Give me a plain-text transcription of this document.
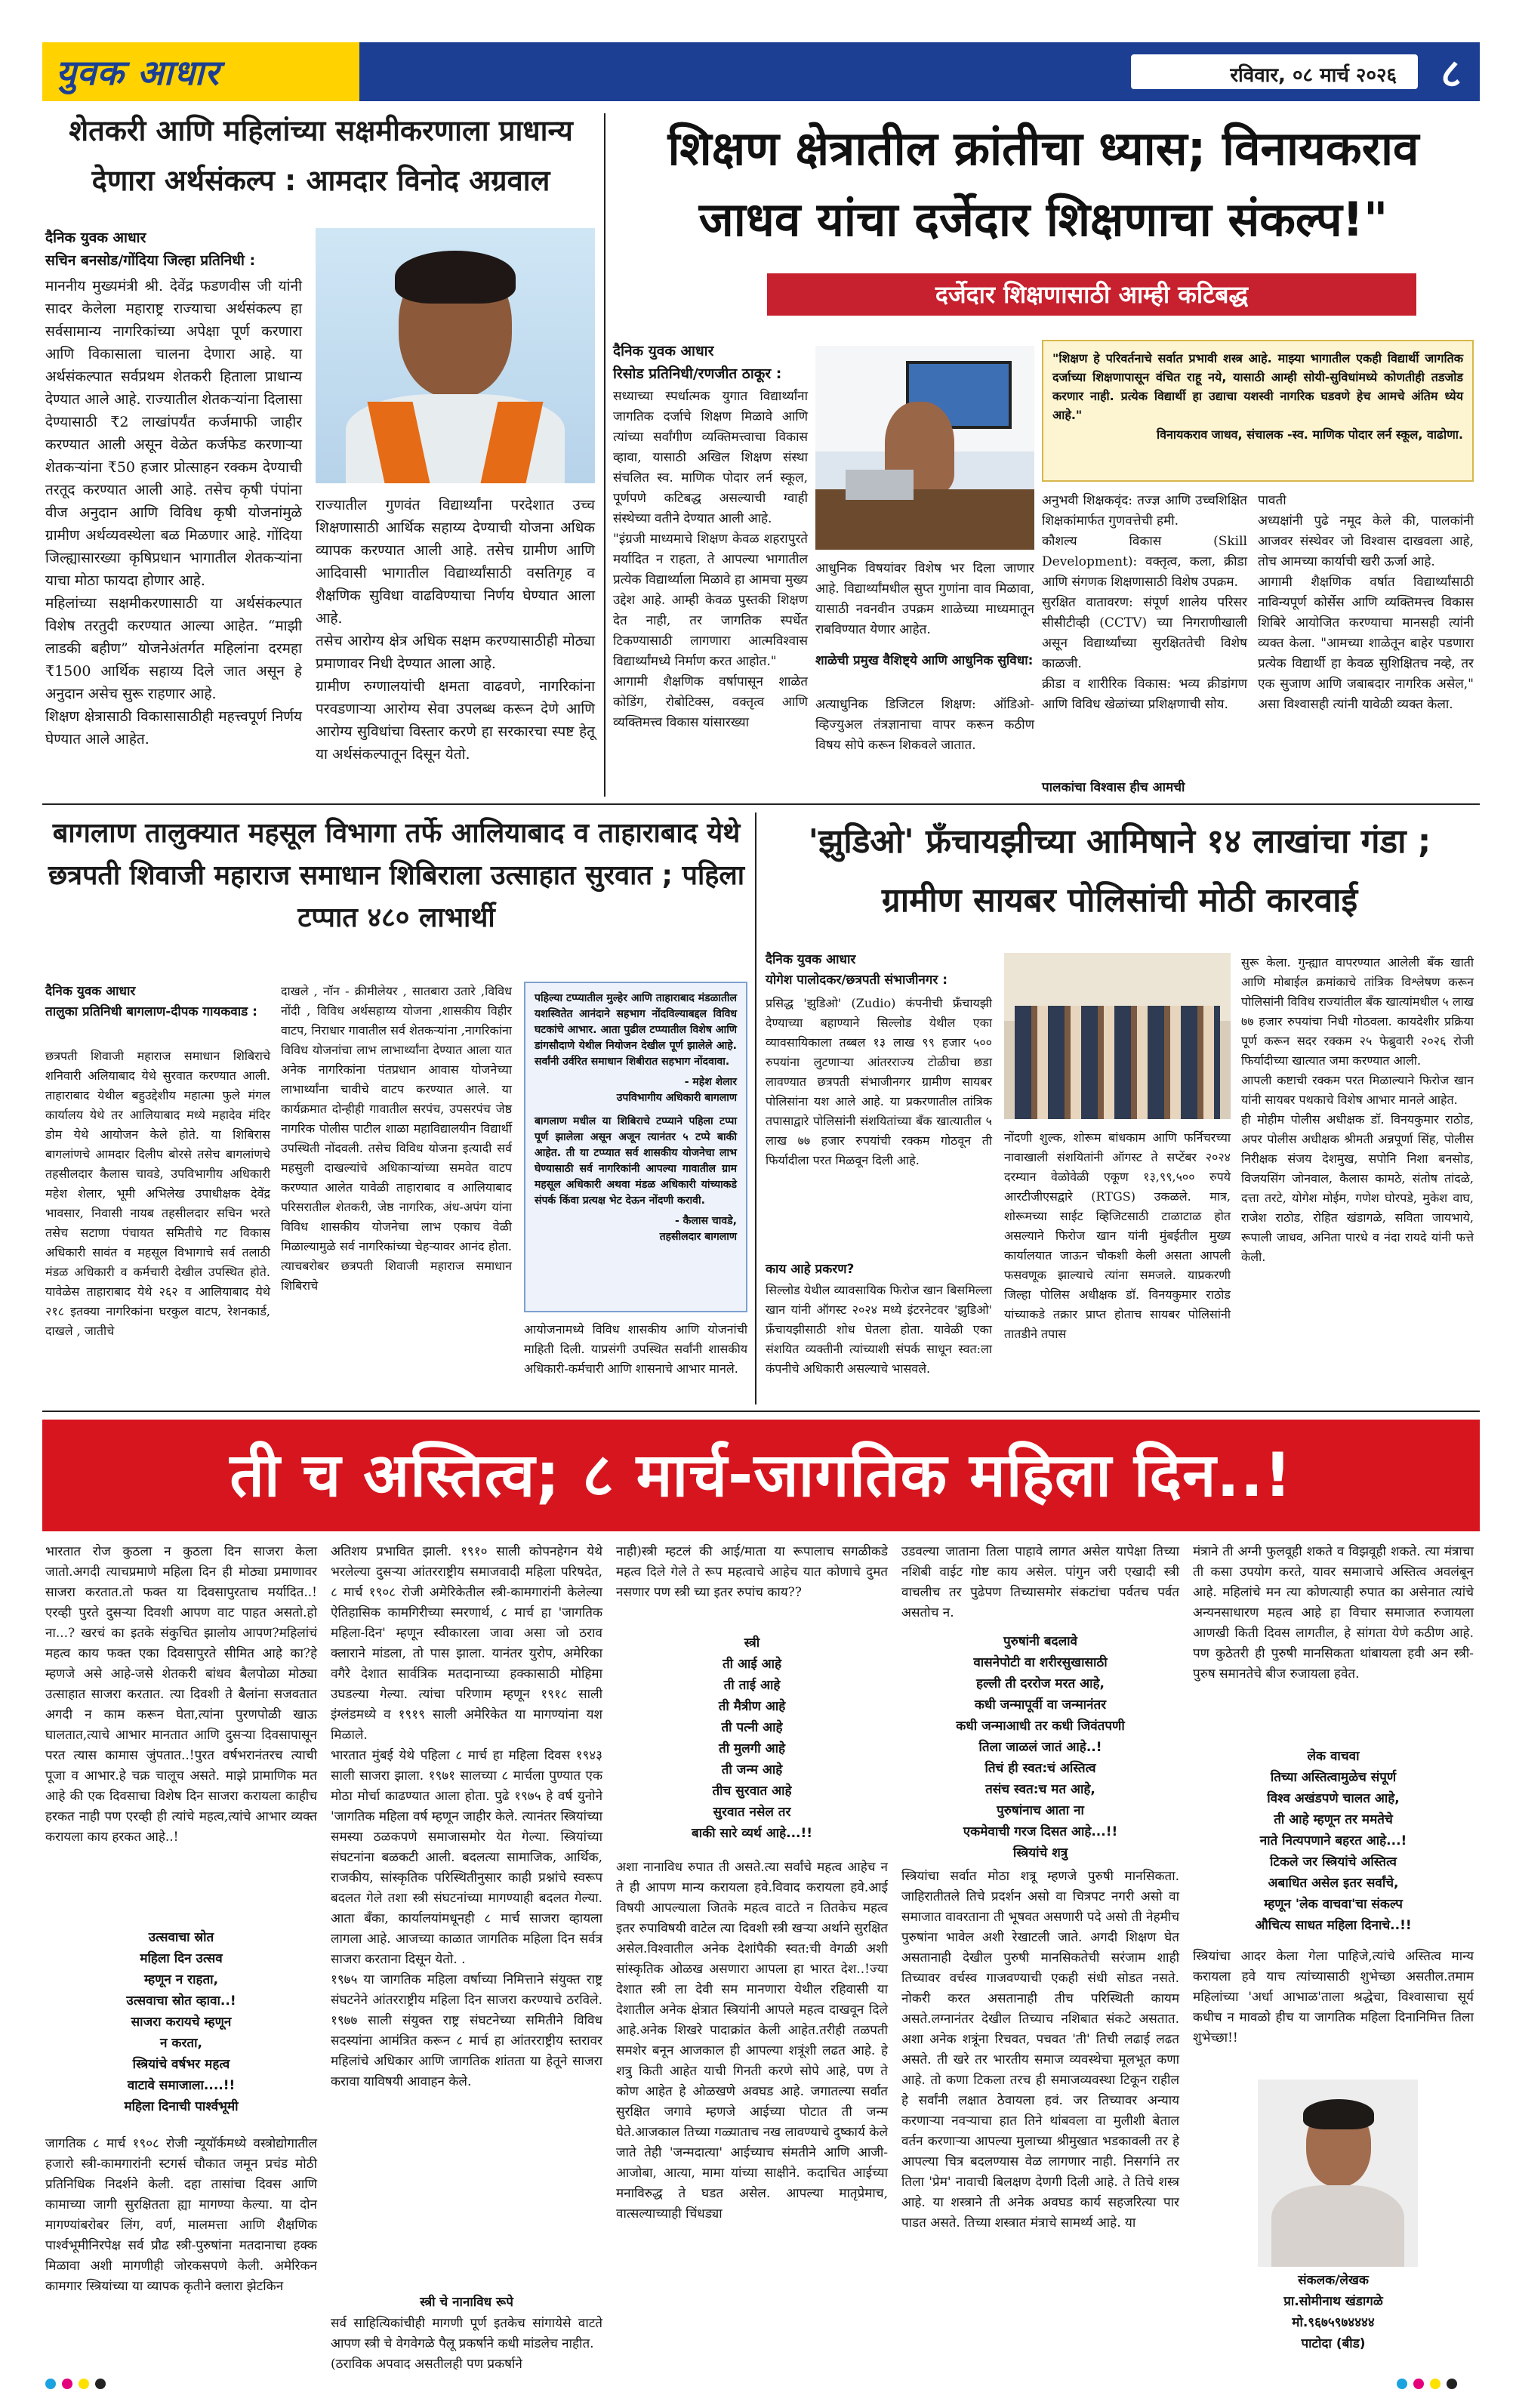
युवक आधार	रविवार, ०८ मार्च २०२६	८
शेतकरी आणि महिलांच्या सक्षमीकरणाला प्राधान्य देणारा अर्थसंकल्प : आमदार विनोद अग्रवाल
दैनिक युवक आधार
सचिन बनसोड/गोंदिया जिल्हा प्रतिनिधी :
माननीय मुख्यमंत्री श्री. देवेंद्र फडणवीस जी यांनी सादर केलेला महाराष्ट्र राज्याचा अर्थसंकल्प हा सर्वसामान्य नागरिकांच्या अपेक्षा पूर्ण करणारा आणि विकासाला चालना देणारा आहे. या अर्थसंकल्पात सर्वप्रथम शेतकरी हिताला प्राधान्य देण्यात आले आहे. राज्यातील शेतकऱ्यांना दिलासा देण्यासाठी ₹2 लाखांपर्यंत कर्जमाफी जाहीर करण्यात आली असून वेळेत कर्जफेड करणाऱ्या शेतकऱ्यांना ₹50 हजार प्रोत्साहन रक्कम देण्याची तरतूद करण्यात आली आहे. तसेच कृषी पंपांना वीज अनुदान आणि विविध कृषी योजनांमुळे ग्रामीण अर्थव्यवस्थेला बळ मिळणार आहे. गोंदिया जिल्ह्यासारख्या कृषिप्रधान भागातील शेतकऱ्यांना याचा मोठा फायदा होणार आहे.
महिलांच्या सक्षमीकरणासाठी या अर्थसंकल्पात विशेष तरतुदी करण्यात आल्या आहेत. “माझी लाडकी बहीण” योजनेअंतर्गत महिलांना दरमहा ₹1500 आर्थिक सहाय्य दिले जात असून हे अनुदान असेच सुरू राहणार आहे.
शिक्षण क्षेत्रासाठी विकासासाठीही महत्त्वपूर्ण निर्णय घेण्यात आले आहेत.
राज्यातील गुणवंत विद्यार्थ्यांना परदेशात उच्च शिक्षणासाठी आर्थिक सहाय्य देण्याची योजना अधिक व्यापक करण्यात आली आहे. तसेच ग्रामीण आणि आदिवासी भागातील विद्यार्थ्यांसाठी वसतिगृह व शैक्षणिक सुविधा वाढविण्याचा निर्णय घेण्यात आला आहे.
तसेच आरोग्य क्षेत्र अधिक सक्षम करण्यासाठीही मोठ्या प्रमाणावर निधी देण्यात आला आहे.
ग्रामीण रुग्णालयांची क्षमता वाढवणे, नागरिकांना परवडणाऱ्या आरोग्य सेवा उपलब्ध करून देणे आणि आरोग्य सुविधांचा विस्तार करणे हा सरकारचा स्पष्ट हेतू या अर्थसंकल्पातून दिसून येतो.
शिक्षण क्षेत्रातील क्रांतीचा ध्यास; विनायकराव जाधव यांचा दर्जेदार शिक्षणाचा संकल्प!"
दर्जेदार शिक्षणासाठी आम्ही कटिबद्ध
दैनिक युवक आधार
रिसोड प्रतिनिधी/रणजीत ठाकूर :
सध्याच्या स्पर्धात्मक युगात विद्यार्थ्यांना जागतिक दर्जाचे शिक्षण मिळावे आणि त्यांच्या सर्वांगीण व्यक्तिमत्त्वाचा विकास व्हावा, यासाठी अखिल शिक्षण संस्था संचलित स्व. माणिक पोदार लर्न स्कूल, पूर्णपणे कटिबद्ध असल्याची ग्वाही संस्थेच्या वतीने देण्यात आली आहे.
"इंग्रजी माध्यमाचे शिक्षण केवळ शहरापुरते मर्यादित न राहता, ते आपल्या भागातील प्रत्येक विद्यार्थ्याला मिळावे हा आमचा मुख्य उद्देश आहे. आम्ही केवळ पुस्तकी शिक्षण देत नाही, तर जागतिक स्पर्धेत टिकण्यासाठी लागणारा आत्मविश्वास विद्यार्थ्यांमध्ये निर्माण करत आहोत."
आगामी शैक्षणिक वर्षापासून शाळेत कोडिंग, रोबोटिक्स, वक्तृत्व आणि व्यक्तिमत्त्व विकास यांसारख्या
आधुनिक विषयांवर विशेष भर दिला जाणार आहे. विद्यार्थ्यांमधील सुप्त गुणांना वाव मिळावा, यासाठी नवनवीन उपक्रम शाळेच्या माध्यमातून राबविण्यात येणार आहेत.
शाळेची प्रमुख वैशिष्ट्ये आणि आधुनिक सुविधा:
अत्याधुनिक डिजिटल शिक्षण: ऑडिओ-व्हिज्युअल तंत्रज्ञानाचा वापर करून कठीण विषय सोपे करून शिकवले जातात.
"शिक्षण हे परिवर्तनाचे सर्वात प्रभावी शस्त्र आहे. माझ्या भागातील एकही विद्यार्थी जागतिक दर्जाच्या शिक्षणापासून वंचित राहू नये, यासाठी आम्ही सोयी-सुविधांमध्ये कोणतीही तडजोड करणार नाही. प्रत्येक विद्यार्थी हा उद्याचा यशस्वी नागरिक घडवणे हेच आमचे अंतिम ध्येय आहे."
विनायकराव जाधव, संचालक -स्व. माणिक पोदार लर्न स्कूल, वाढोणा.
अनुभवी शिक्षकवृंद: तज्ज्ञ आणि उच्चशिक्षित शिक्षकांमार्फत गुणवत्तेची हमी.
कौशल्य विकास (Skill Development): वक्तृत्व, कला, क्रीडा आणि संगणक शिक्षणासाठी विशेष उपक्रम.
सुरक्षित वातावरण: संपूर्ण शालेय परिसर सीसीटीव्ही (CCTV) च्या निगराणीखाली असून विद्यार्थ्यांच्या सुरक्षिततेची विशेष काळजी.
क्रीडा व शारीरिक विकास: भव्य क्रीडांगण आणि विविध खेळांच्या प्रशिक्षणाची सोय.
पालकांचा विश्वास हीच आमची
पावती
अध्यक्षांनी पुढे नमूद केले की, पालकांनी आजवर संस्थेवर जो विश्वास दाखवला आहे, तोच आमच्या कार्याची खरी ऊर्जा आहे.
आगामी शैक्षणिक वर्षात विद्यार्थ्यांसाठी नाविन्यपूर्ण कोर्सेस आणि व्यक्तिमत्त्व विकास शिबिरे आयोजित करण्याचा मानसही त्यांनी व्यक्त केला. "आमच्या शाळेतून बाहेर पडणारा प्रत्येक विद्यार्थी हा केवळ सुशिक्षितच नव्हे, तर एक सुजाण आणि जबाबदार नागरिक असेल," असा विश्वासही त्यांनी यावेळी व्यक्त केला.
बागलाण तालुक्यात महसूल विभागा तर्फे आलियाबाद व ताहाराबाद येथे छत्रपती शिवाजी महाराज समाधान शिबिराला उत्साहात सुरवात ; पहिला टप्पात ४८० लाभार्थी
दैनिक युवक आधार
तालुका प्रतिनिधी बागलाण-दीपक गायकवाड :
छत्रपती शिवाजी महाराज समाधान शिबिराचे शनिवारी अलियाबाद येथे सुरवात करण्यात आली. ताहाराबाद येथील बहुउद्देशीय महात्मा फुले मंगल कार्यालय येथे तर आलियाबाद मध्ये महादेव मंदिर डोम येथे आयोजन केले होते. या शिबिरास बागलांणचे आमदार दिलीप बोरसे तसेच बागलांणचे तहसीलदार कैलास चावडे, उपविभागीय अधिकारी महेश शेलार, भूमी अभिलेख उपाधीक्षक देवेंद्र भावसार, निवासी नायब तहसीलदार सचिन भरते तसेच सटाणा पंचायत समितीचे गट विकास अधिकारी सावंत व महसूल विभागाचे सर्व तलाठी मंडळ अधिकारी व कर्मचारी देखील उपस्थित होते. यावेळेस ताहाराबाद येथे २६२ व आलियाबाद येथे २१८ इतक्या नागरिकांना घरकुल वाटप, रेशनकार्ड, दाखले , जातीचे
दाखले , नॉन - क्रीमीलेयर , सातबारा उतारे ,विविध नोंदी , विविध अर्थसहाय्य योजना ,शासकीय विहीर वाटप, निराधार गावातील सर्व शेतकऱ्यांना ,नागरिकांना विविध योजनांचा लाभ लाभार्थ्यांना देण्यात आला यात अनेक नागरिकांना पंतप्रधान आवास योजनेच्या लाभार्थ्यांना चावीचे वाटप करण्यात आले. या कार्यक्रमात दोन्हीही गावातील सरपंच, उपसरपंच जेष्ठ नागरिक पोलीस पाटील शाळा महाविद्यालयीन विद्यार्थी उपस्थिती नोंदवली. तसेच विविध योजना इत्यादी सर्व महसुली दाखल्यांचे अधिकाऱ्यांच्या समवेत वाटप करण्यात आलेत यावेळी ताहाराबाद व आलियाबाद परिसरातील शेतकरी, जेष्ठ नागरिक, अंध-अपंग यांना विविध शासकीय योजनेचा लाभ एकाच वेळी मिळाल्यामुळे सर्व नागरिकांच्या चेहऱ्यावर आनंद होता. त्याचबरोबर छत्रपती शिवाजी महाराज समाधान शिबिराचे
पहिल्या टप्प्यातील मुल्हेर आणि ताहाराबाद मंडळातील यशस्वितेत आनंदाने सहभाग नोंदविल्याबद्दल विविध घटकांचे आभार. आता पुढील टप्प्यातील विशेष आणि डांगसौदाणे येथील नियोजन देखील पूर्ण झालेले आहे. सर्वांनी उर्वरित समाधान शिबीरात सहभाग नोंदवावा.
- महेश शेलार
उपविभागीय अधिकारी बागलाण
बागलाण मधील या शिबिराचे टप्प्याने पहिला टप्पा पूर्ण झालेला असून अजून त्यानंतर ५ टप्पे बाकी आहेत. ती या टप्प्यात सर्व शासकीय योजनेचा लाभ घेण्यासाठी सर्व नागरिकांनी आपल्या गावातील ग्राम महसूल अधिकारी अथवा मंडळ अधिकारी यांच्याकडे संपर्क किंवा प्रत्यक्ष भेट देऊन नोंदणी करावी.
- कैलास चावडे,
तहसीलदार बागलाण
आयोजनामध्ये विविध शासकीय आणि योजनांची माहिती दिली. याप्रसंगी उपस्थित सर्वांनी शासकीय अधिकारी-कर्मचारी आणि शासनाचे आभार मानले.
'झुडिओ' फ्रँचायझीच्या आमिषाने १४ लाखांचा गंडा ; ग्रामीण सायबर पोलिसांची मोठी कारवाई
दैनिक युवक आधार
योगेश पालोदकर/छत्रपती संभाजीनगर :
प्रसिद्ध 'झुडिओ' (Zudio) कंपनीची फ्रँचायझी देण्याच्या बहाण्याने सिल्लोड येथील एका व्यावसायिकाला तब्बल १३ लाख ९९ हजार ५०० रुपयांना लुटणाऱ्या आंतरराज्य टोळीचा छडा लावण्यात छत्रपती संभाजीनगर ग्रामीण सायबर पोलिसांना यश आले आहे. या प्रकरणातील तांत्रिक तपासाद्वारे पोलिसांनी संशयितांच्या बँक खात्यातील ५ लाख ७७ हजार रुपयांची रक्कम गोठवून ती फिर्यादीला परत मिळवून दिली आहे.
काय आहे प्रकरण?
सिल्लोड येथील व्यावसायिक फिरोज खान बिसमिल्ला खान यांनी ऑगस्ट २०२४ मध्ये इंटरनेटवर 'झुडिओ' फ्रँचायझीसाठी शोध घेतला होता. यावेळी एका संशयित व्यक्तीनी त्यांच्याशी संपर्क साधून स्वत:ला कंपनीचे अधिकारी असल्याचे भासवले.
नोंदणी शुल्क, शोरूम बांधकाम आणि फर्निचरच्या नावाखाली संशयितांनी ऑगस्ट ते सप्टेंबर २०२४ दरम्यान वेळोवेळी एकूण १३,९९,५०० रुपये आरटीजीएसद्वारे (RTGS) उकळले. मात्र, शोरूमच्या साईट व्हिजिटसाठी टाळाटाळ होत असल्याने फिरोज खान यांनी मुंबईतील मुख्य कार्यालयात जाऊन चौकशी केली असता आपली फसवणूक झाल्याचे त्यांना समजले. याप्रकरणी जिल्हा पोलिस अधीक्षक डॉ. विनयकुमार राठोड यांच्याकडे तक्रार प्राप्त होताच सायबर पोलिसांनी तातडीने तपास
सुरू केला. गुन्ह्यात वापरण्यात आलेली बँक खाती आणि मोबाईल क्रमांकाचे तांत्रिक विश्लेषण करून पोलिसांनी विविध राज्यांतील बँक खात्यांमधील ५ लाख ७७ हजार रुपयांचा निधी गोठवला. कायदेशीर प्रक्रिया पूर्ण करून सदर रक्कम २५ फेब्रुवारी २०२६ रोजी फिर्यादीच्या खात्यात जमा करण्यात आली.
आपली कष्टाची रक्कम परत मिळाल्याने फिरोज खान यांनी सायबर पथकाचे विशेष आभार मानले आहेत.
ही मोहीम पोलीस अधीक्षक डॉ. विनयकुमार राठोड, अपर पोलीस अधीक्षक श्रीमती अन्नपूर्णा सिंह, पोलीस निरीक्षक संजय देशमुख, सपोनि निशा बनसोड, विजयसिंग जोनवाल, कैलास कामठे, संतोष तांदळे, दत्ता तरटे, योगेश मोईम, गणेश घोरपडे, मुकेश वाघ, राजेश राठोड, रोहित खंडागळे, सविता जायभाये, रूपाली जाधव, अनिता पारधे व नंदा रायदे यांनी फत्ते केली.
ती च अस्तित्व; ८ मार्च-जागतिक महिला दिन..!
भारतात रोज कुठला न कुठला दिन साजरा केला जातो.अगदी त्याचप्रमाणे महिला दिन ही मोठ्या प्रमाणावर साजरा करतात.तो फक्त या दिवसापुरताच मर्यादित..! एरव्ही पुरते दुसऱ्या दिवशी आपण वाट पाहत असतो.हो ना...? खरचं का इतके संकुचित झालोय आपण?महिलांचं महत्व काय फक्त एका दिवसापुरते सीमित आहे का?हे म्हणजे असे आहे-जसे शेतकरी बांधव बैलपोळा मोठ्या उत्साहात साजरा करतात. त्या दिवशी ते बैलांना सजवतात अगदी न काम करून घेता,त्यांना पुरणपोळी खाऊ घालतात,त्याचे आभार मानतात आणि दुसऱ्या दिवसापासून परत त्यास कामास जुंपतात..!पुरत वर्षभरानंतरच त्याची पूजा व आभार.हे चक्र चालूच असते. माझे प्रामाणिक मत आहे की एक दिवसाचा विशेष दिन साजरा करायला काहीच हरकत नाही पण एरव्ही ही त्यांचे महत्व,त्यांचे आभार व्यक्त करायला काय हरकत आहे..!
उत्सवाचा स्रोत
महिला दिन उत्सव
म्हणून न राहता,
उत्सवाचा स्रोत व्हावा..!
साजरा करायचे म्हणून
न करता,
स्त्रियांचे वर्षभर महत्व
वाटावे समाजाला....!!
महिला दिनाची पार्श्वभूमी
जागतिक ८ मार्च १९०८ रोजी न्यूयॉर्कमध्ये वस्त्रोद्योगातील हजारो स्त्री-कामगारांनी स्टगर्स चौकात जमून प्रचंड मोठी प्रतिनिधिक निदर्शने केली. दहा तासांचा दिवस आणि कामाच्या जागी सुरक्षितता ह्या मागण्या केल्या. या दोन मागण्यांबरोबर लिंग, वर्ण, मालमत्ता आणि शैक्षणिक पार्श्वभूमीनिरपेक्ष सर्व प्रौढ स्त्री-पुरुषांना मतदानाचा हक्क मिळावा अशी मागणीही जोरकसपणे केली. अमेरिकन कामगार स्त्रियांच्या या व्यापक कृतीने क्लारा झेटकिन
अतिशय प्रभावित झाली. १९१० साली कोपनहेगन येथे भरलेल्या दुसऱ्या आंतरराष्ट्रीय समाजवादी महिला परिषदेत, ८ मार्च १९०८ रोजी अमेरिकेतील स्त्री-कामगारांनी केलेल्या ऐतिहासिक कामगिरीच्या स्मरणार्थ, ८ मार्च हा 'जागतिक महिला-दिन' म्हणून स्वीकारला जावा असा जो ठराव क्लाराने मांडला, तो पास झाला. यानंतर युरोप, अमेरिका वगैरे देशात सार्वत्रिक मतदानाच्या हक्कासाठी मोहिमा उघडल्या गेल्या. त्यांचा परिणाम म्हणून १९१८ साली इंग्लंडमध्ये व १९१९ साली अमेरिकेत या मागण्यांना यश मिळाले.
भारतात मुंबई येथे पहिला ८ मार्च हा महिला दिवस १९४३ साली साजरा झाला. १९७१ सालच्या ८ मार्चला पुण्यात एक मोठा मोर्चा काढण्यात आला होता. पुढे १९७५ हे वर्ष युनोने 'जागतिक महिला वर्ष म्हणून जाहीर केले. त्यानंतर स्त्रियांच्या समस्या ठळकपणे समाजासमोर येत गेल्या. स्त्रियांच्या संघटनांना बळकटी आली. बदलत्या सामाजिक, आर्थिक, राजकीय, सांस्कृतिक परिस्थितीनुसार काही प्रश्नांचे स्वरूप बदलत गेले तशा स्त्री संघटनांच्या मागण्याही बदलत गेल्या. आता बँका, कार्यालयांमधूनही ८ मार्च साजरा व्हायला लागला आहे. आजच्या काळात जागतिक महिला दिन सर्वत्र साजरा करताना दिसून येतो. .
१९७५ या जागतिक महिला वर्षाच्या निमित्ताने संयुक्त राष्ट्र संघटनेने आंतरराष्ट्रीय महिला दिन साजरा करण्याचे ठरविले. १९७७ साली संयुक्त राष्ट्र संघटनेच्या समितीने विविध सदस्यांना आमंत्रित करून ८ मार्च हा आंतरराष्ट्रीय स्तरावर महिलांचे अधिकार आणि जागतिक शांतता या हेतूने साजरा करावा याविषयी आवाहन केले.
स्त्री चे नानाविध रूपे
सर्व साहित्यिकांचीही मागणी पूर्ण इतकेच सांगायेसे वाटते आपण स्त्री चे वेगवेगळे पैलू प्रकर्षाने कधी मांडलेच नाहीत.
(ठराविक अपवाद असतीलही पण प्रकर्षाने
नाही)स्त्री म्हटलं की आई/माता या रूपालाच सगळीकडे महत्व दिले गेले ते रूप महत्वाचे आहेच यात कोणाचे दुमत नसणार पण स्त्री च्या इतर रुपांच काय??
स्त्री
ती आई आहे
ती ताई आहे
ती मैत्रीण आहे
ती पत्नी आहे
ती मुलगी आहे
ती जन्म आहे
तीच सुरवात आहे
सुरवात नसेल तर
बाकी सारे व्यर्थ आहे...!!
अशा नानाविध रुपात ती असते.त्या सर्वांचे महत्व आहेच न ते ही आपण मान्य करायला हवे.विवाद करायला हवे.आई विषयी आपल्याला जितके महत्व वाटते न तितकेच महत्व इतर रुपाविषयी वाटेल त्या दिवशी स्त्री खऱ्या अर्थाने सुरक्षित असेल.विश्वातील अनेक देशांपैकी स्वत:ची वेगळी अशी सांस्कृतिक ओळख असणारा आपला हा भारत देश..!ज्या देशात स्त्री ला देवी सम मानणारा येथील रहिवासी या देशातील अनेक क्षेत्रात स्त्रियांनी आपले महत्व दाखवून दिले आहे.अनेक शिखरे पादाक्रांत केली आहेत.तरीही तळपती समशेर बनून आजकाल ही आपल्या शत्रूंशी लढत आहे. हे शत्रु किती आहेत याची गिनती करणे सोपे आहे, पण ते कोण आहेत हे ओळखणे अवघड आहे. जगातल्या सर्वात सुरक्षित जगावे म्हणजे आईच्या पोटात ती जन्म घेते.आजकाल तिच्या गळ्याताच नख लावण्याचे दुष्कार्य केले जाते तेही 'जन्मदात्या' आईच्याच संमतीने आणि आजी-आजोबा, आत्या, मामा यांच्या साक्षीने. कदाचित आईच्या मनाविरुद्ध ते घडत असेल. आपल्या मातृप्रेमाच, वात्सल्याच्याही चिंधड्या
उडवल्या जाताना तिला पाहावे लागत असेल यापेक्षा तिच्या नशिबी वाईट गोष्ट काय असेल. पांगुन जरी एखादी स्त्री वाचलीच तर पुढेपण तिच्यासमोर संकटांचा पर्वतच पर्वत असतोच न.
पुरुषांनी बदलावे
वासनेपोटी वा शरीरसुखासाठी
हल्ली ती दररोज मरत आहे,
कधी जन्मापूर्वी वा जन्मानंतर
कधी जन्माआधी तर कधी जिवंतपणी
तिला जाळलं जातं आहे..!
तिचं ही स्वत:चं अस्तित्व
तसंच स्वत:च मत आहे,
पुरुषांनाच आता ना
एकमेवाची गरज दिसत आहे...!!
स्त्रियांचे शत्रु
स्त्रियांचा सर्वात मोठा शत्रू म्हणजे पुरुषी मानसिकता. जाहिरातीतले तिचे प्रदर्शन असो वा चित्रपट नगरी असो वा समाजात वावरताना ती भूषवत असणारी पदे असो ती नेहमीच पुरुषांना भावेल अशी रेखाटली जाते. अगदी शिक्षण घेत असतानाही देखील पुरुषी मानसिकतेची सरंजाम शाही तिच्यावर वर्चस्व गाजवण्याची एकही संधी सोडत नसते. नोकरी करत असतानाही तीच परिस्थिती कायम असते.लग्नानंतर देखील तिच्याच नशिबात संकटे असतात. अशा अनेक शत्रूंना रिचवत, पचवत 'ती' तिची लढाई लढत असते. ती खरे तर भारतीय समाज व्यवस्थेचा मूलभूत कणा आहे. तो कणा टिकला तरच ही समाजव्यवस्था टिकून राहील हे सर्वांनी लक्षात ठेवायला हवं. जर तिच्यावर अन्याय करणाऱ्या नवऱ्याचा हात तिने थांबवला वा मुलीशी बेताल वर्तन करणाऱ्या आपल्या मुलाच्या श्रीमुखात भडकावली तर हे आपल्या चित्र बदलण्यास वेळ लागणार नाही. निसर्गाने तर तिला 'प्रेम' नावाची बिलक्षण देणगी दिली आहे. ते तिचे शस्त्र आहे. या शस्त्राने ती अनेक अवघड कार्य सहजरित्या पार पाडत असते. तिच्या शस्त्रात मंत्राचे सामर्थ्य आहे. या
मंत्राने ती अग्नी फुलवूही शकते व विझवूही शकते. त्या मंत्राचा ती कसा उपयोग करते, यावर समाजाचे अस्तित्व अवलंबून आहे. महिलांचे मन त्या कोणत्याही रुपात का असेनात त्यांचे अन्यनसाधारण महत्व आहे हा विचार समाजात रुजायला आणखी किती दिवस लागतील, हे सांगता येणे कठीण आहे. पण कुठेतरी ही पुरुषी मानसिकता थांबायला हवी अन स्त्री-पुरुष समानतेचे बीज रुजायला हवेत.
लेक वाचवा
तिच्या अस्तित्वामुळेच संपूर्ण
विश्व अखंडपणे चालत आहे,
ती आहे म्हणून तर ममतेचे
नाते नित्यपणाने बहरत आहे...!
टिकले जर स्त्रियांचे अस्तित्व
अबाधित असेल इतर सर्वांचे,
म्हणून 'लेक वाचवा'चा संकल्प
औचित्य साधत महिला दिनाचे..!!
स्त्रियांचा आदर केला गेला पाहिजे,त्यांचे अस्तित्व मान्य करायला हवे याच त्यांच्यासाठी शुभेच्छा असतील.तमाम महिलांच्या 'अर्धा आभाळ'ताला श्रद्धेचा, विश्वासाचा सूर्य कधीच न मावळो हीच या जागतिक महिला दिनानिमित्त तिला शुभेच्छा!!
संकलक/लेखक
प्रा.सोमीनाथ खंडागळे
मो.९६७५९७४४४४
पाटोदा (बीड)
